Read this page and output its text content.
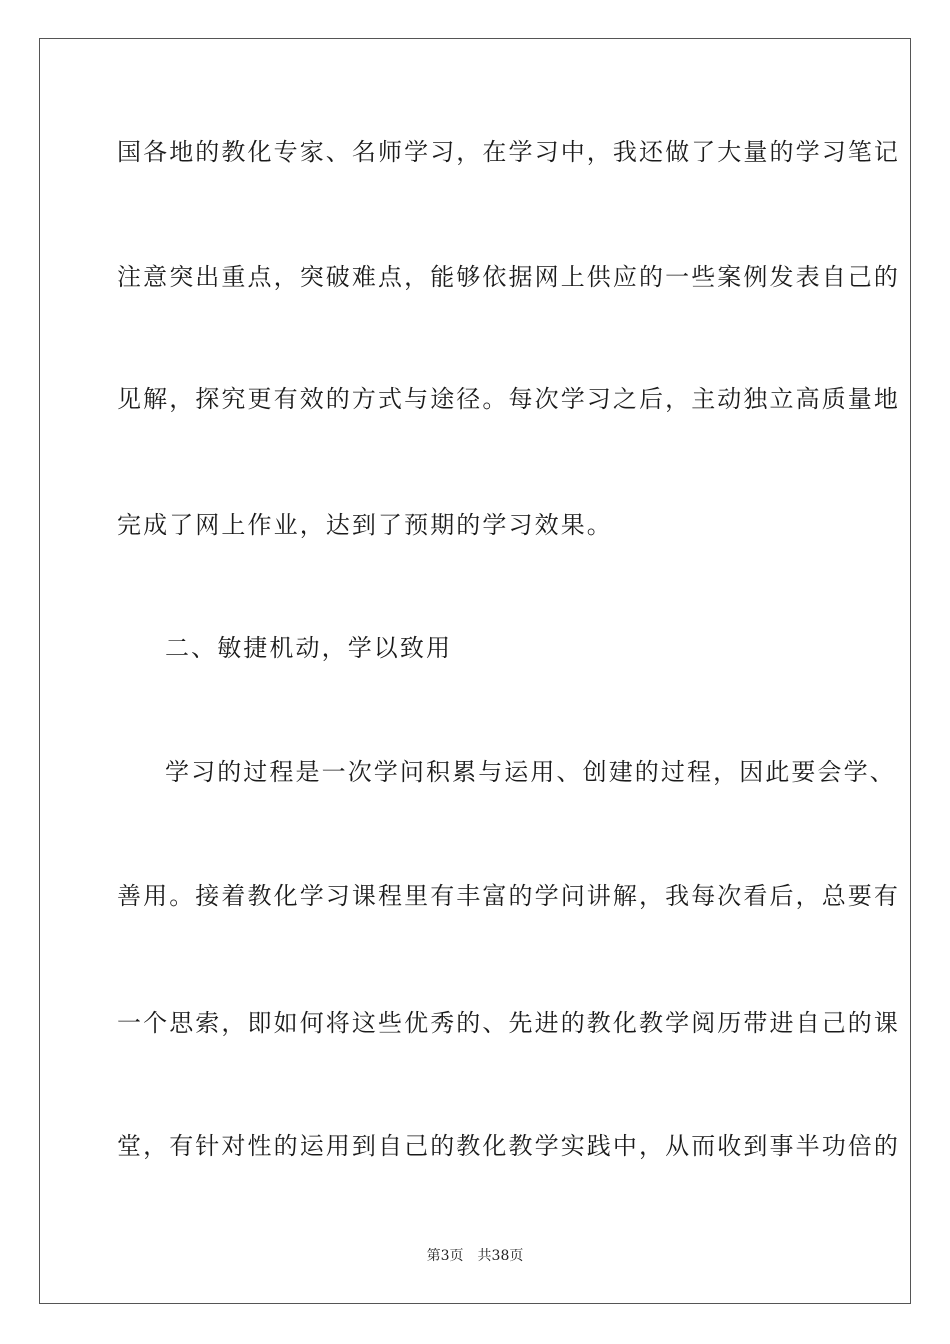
国各地的教化专家、名师学习，在学习中，我还做了大量的学习笔记
注意突出重点，突破难点，能够依据网上供应的一些案例发表自己的
见解，探究更有效的方式与途径。每次学习之后，主动独立高质量地
完成了网上作业，达到了预期的学习效果。
二、敏捷机动，学以致用
学习的过程是一次学问积累与运用、创建的过程，因此要会学、
善用。接着教化学习课程里有丰富的学问讲解，我每次看后，总要有
一个思索，即如何将这些优秀的、先进的教化教学阅历带进自己的课
堂，有针对性的运用到自己的教化教学实践中，从而收到事半功倍的
第3页 共38页
